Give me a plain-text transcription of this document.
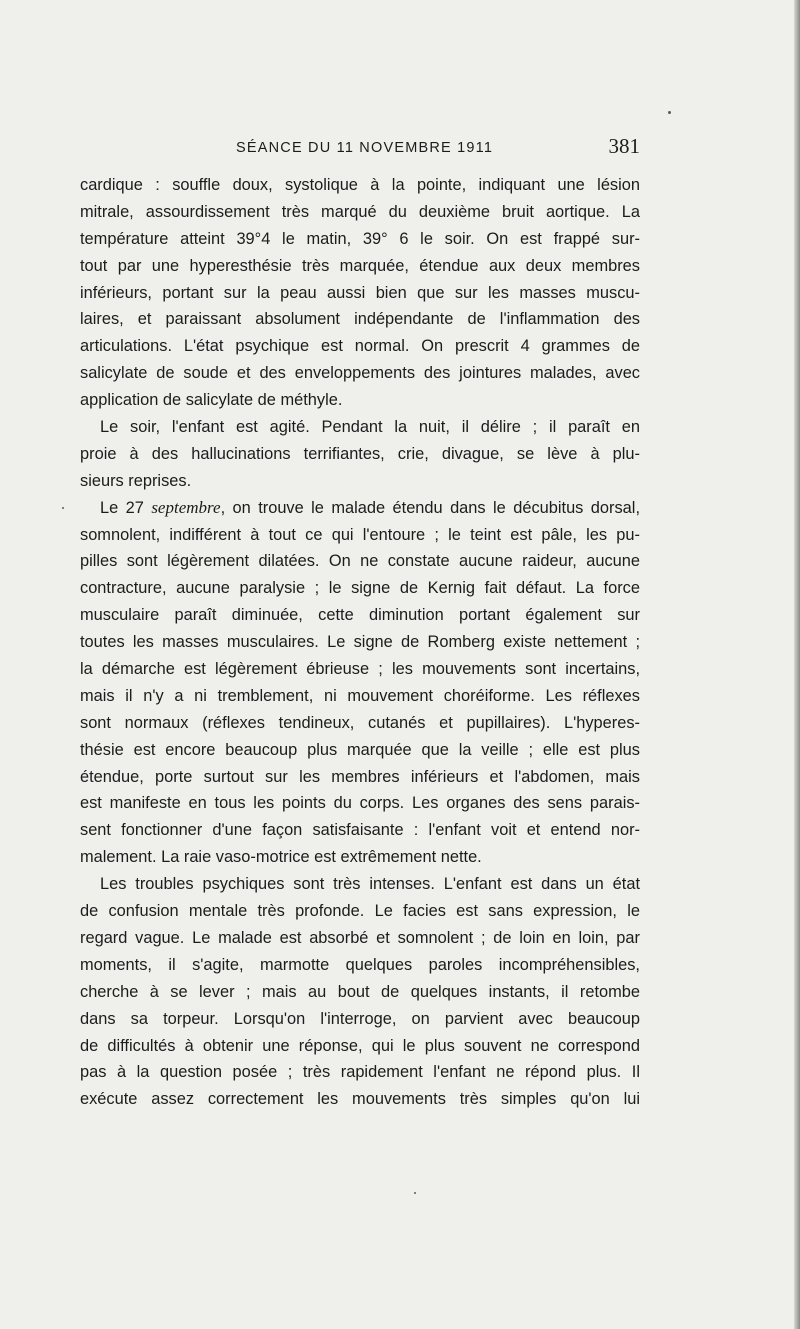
SÉANCE DU 11 NOVEMBRE 1911	381
cardique : souffle doux, systolique à la pointe, indiquant une lésion
mitrale, assourdissement très marqué du deuxième bruit aortique. La
température atteint 39°4 le matin, 39° 6 le soir. On est frappé sur-
tout par une hyperesthésie très marquée, étendue aux deux membres
inférieurs, portant sur la peau aussi bien que sur les masses muscu-
laires, et paraissant absolument indépendante de l'inflammation des
articulations. L'état psychique est normal. On prescrit 4 grammes de
salicylate de soude et des enveloppements des jointures malades, avec
application de salicylate de méthyle.
Le soir, l'enfant est agité. Pendant la nuit, il délire ; il paraît en
proie à des hallucinations terrifiantes, crie, divague, se lève à plu-
sieurs reprises.
Le 27 septembre, on trouve le malade étendu dans le décubitus dorsal,
somnolent, indifférent à tout ce qui l'entoure ; le teint est pâle, les pu-
pilles sont légèrement dilatées. On ne constate aucune raideur, aucune
contracture, aucune paralysie ; le signe de Kernig fait défaut. La force
musculaire paraît diminuée, cette diminution portant également sur
toutes les masses musculaires. Le signe de Romberg existe nettement ;
la démarche est légèrement ébrieuse ; les mouvements sont incertains,
mais il n'y a ni tremblement, ni mouvement choréiforme. Les réflexes
sont normaux (réflexes tendineux, cutanés et pupillaires). L'hyperes-
thésie est encore beaucoup plus marquée que la veille ; elle est plus
étendue, porte surtout sur les membres inférieurs et l'abdomen, mais
est manifeste en tous les points du corps. Les organes des sens parais-
sent fonctionner d'une façon satisfaisante : l'enfant voit et entend nor-
malement. La raie vaso-motrice est extrêmement nette.
Les troubles psychiques sont très intenses. L'enfant est dans un état
de confusion mentale très profonde. Le facies est sans expression, le
regard vague. Le malade est absorbé et somnolent ; de loin en loin, par
moments, il s'agite, marmotte quelques paroles incompréhensibles,
cherche à se lever ; mais au bout de quelques instants, il retombe
dans sa torpeur. Lorsqu'on l'interroge, on parvient avec beaucoup
de difficultés à obtenir une réponse, qui le plus souvent ne correspond
pas à la question posée ; très rapidement l'enfant ne répond plus. Il
exécute assez correctement les mouvements très simples qu'on lui
